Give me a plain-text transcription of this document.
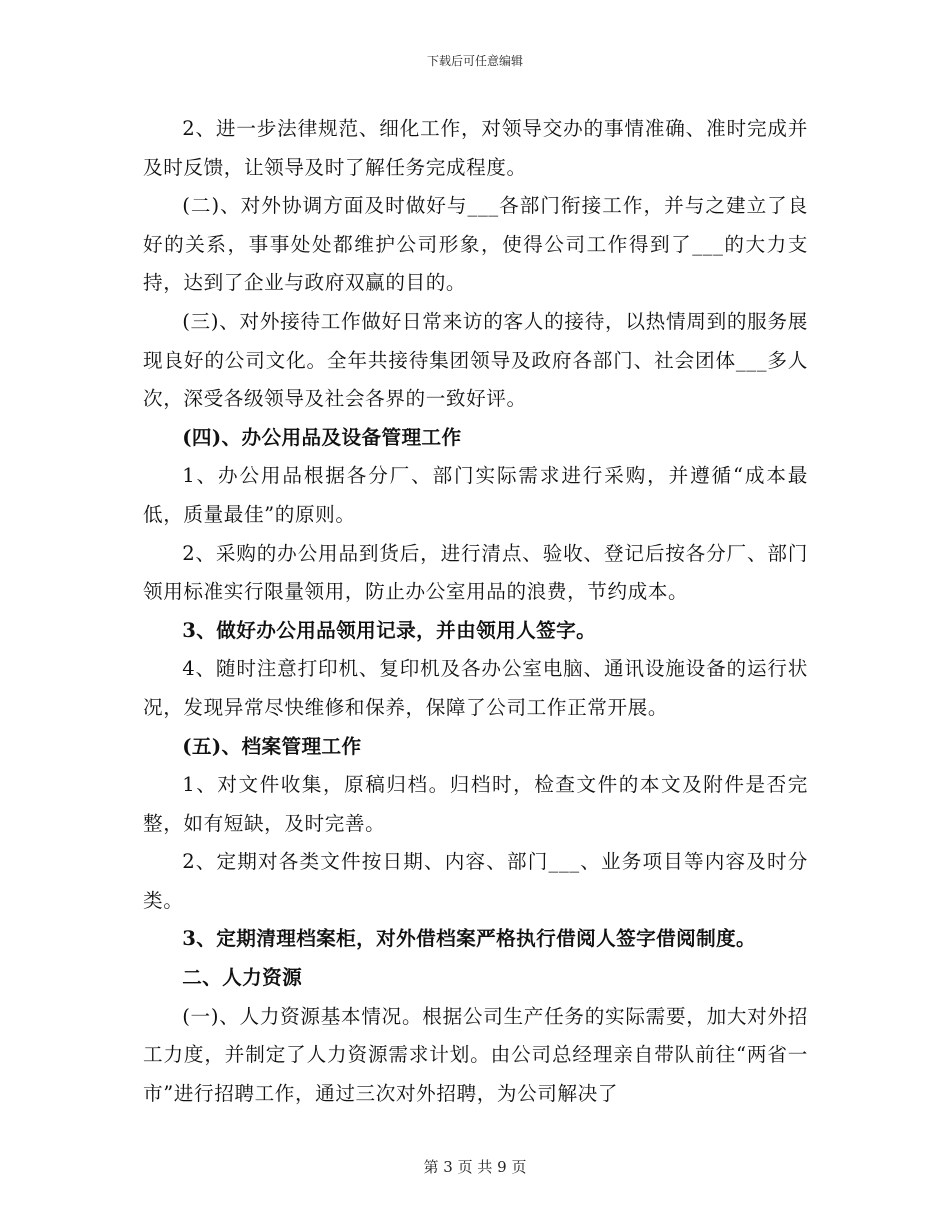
下载后可任意编辑

2、进一步法律规范、细化工作，对领导交办的事情准确、准时完成并及时反馈，让领导及时了解任务完成程度。

(二)、对外协调方面及时做好与___各部门衔接工作，并与之建立了良好的关系，事事处处都维护公司形象，使得公司工作得到了___的大力支持，达到了企业与政府双赢的目的。

(三)、对外接待工作做好日常来访的客人的接待，以热情周到的服务展现良好的公司文化。全年共接待集团领导及政府各部门、社会团体___多人次，深受各级领导及社会各界的一致好评。

(四)、办公用品及设备管理工作

1、办公用品根据各分厂、部门实际需求进行采购，并遵循“成本最低，质量最佳”的原则。

2、采购的办公用品到货后，进行清点、验收、登记后按各分厂、部门领用标准实行限量领用，防止办公室用品的浪费，节约成本。

3、做好办公用品领用记录，并由领用人签字。

4、随时注意打印机、复印机及各办公室电脑、通讯设施设备的运行状况，发现异常尽快维修和保养，保障了公司工作正常开展。

(五)、档案管理工作

1、对文件收集，原稿归档。归档时，检查文件的本文及附件是否完整，如有短缺，及时完善。

2、定期对各类文件按日期、内容、部门___、业务项目等内容及时分类。

3、定期清理档案柜，对外借档案严格执行借阅人签字借阅制度。

二、人力资源

(一)、人力资源基本情况。根据公司生产任务的实际需要，加大对外招工力度，并制定了人力资源需求计划。由公司总经理亲自带队前往“两省一市”进行招聘工作，通过三次对外招聘，为公司解决了

第 3 页 共 9 页
